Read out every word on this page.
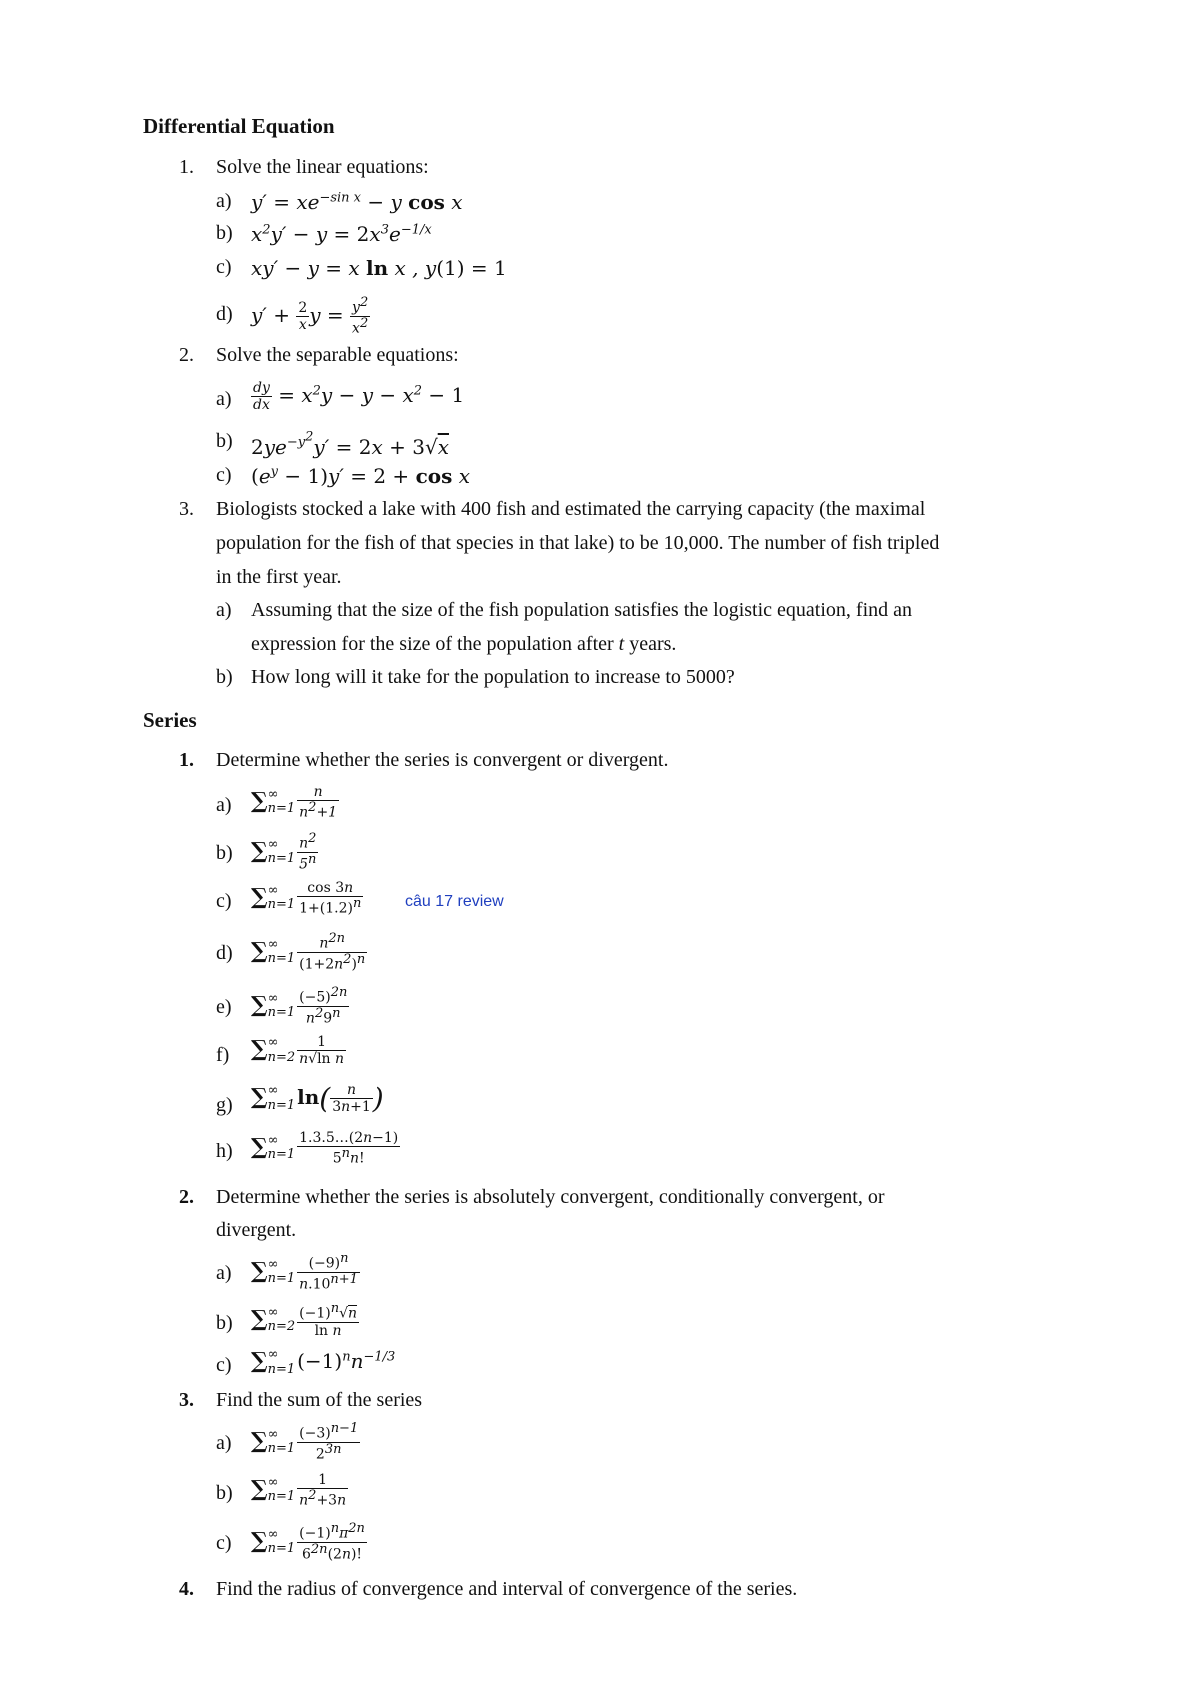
Differential Equation
1. Solve the linear equations:
a) $y' = xe^{-sin x} - y$ cos x
b) $x^2y' - y = 2x^3e^{-1/x}$
c) xy′ − y = x ln x , y(1) = 1
d) $y' + \frac{2}{x}$ $y = \frac{y^2}{x^2}$
2. Solve the separable equations:
$a) \frac{dy}{dx} = x^2y - y - x^2 - 1$
b) $2ye^{-y^2}y' = 2x + 3√x$
c) $(e^y - 1)y' = 2 + \cos x$
3. Biologists stocked a lake with 400 fish and estimated the carrying capacity (the maximal
population for the fish of that species in that lake) to be 10,000. The number of fish tripled
in the first year.
a) Assuming that the size of the fish population satisfies the logistic equation, find an
expression for the size of the population after t years.
b) How long will it take for the population to increase to 5000?
Series
1. Determine whether the series is convergent or divergent.
a) ∑ ∞
$n=1 \frac{n}{n^2+1}$
b) ∑ ∞
$n=1 \frac{n^2}{5^n}$
c) ∑ ∞
$n=1 \frac{\cos 3n}{1+(1.2)^n}$	câu 17 review
d) ∑ ∞
$n=1 \frac{n^{2n}}{(1+2n^2)^n}$
e) ∑ ∞
$n=1 \frac{(-5)^{2n}}{n^29^n}$
f) ∑ ∞
$n=2 \frac{1}{\text{n√ln n}}$
g) ∑ ∞
n=1 $\ln( \frac{n}{3n+1}$ )
h) ∑ ∞
$n=1 \frac{1.3.5\dots(2n-1)}{5^nn!}$
2. Determine whether the series is absolutely convergent, conditionally convergent, or
divergent.
a) ∑ ∞
$n=1 \frac{(-9)^n}{n.10^{n+1}}$
b) ∑ ∞
$n=2 \frac{(-1)^n√n}{\text{ln n}}$
c) ∑ ∞
n=1 $(-1)^nn^{-1/3}$
3. Find the sum of the series
a) ∑ ∞
$n=1 \frac{(-3)^{n-1}}{2^{3n}}$
b) ∑ ∞
$n=1 \frac{1}{n^2+3n}$
c) ∑ ∞
$n=1 \frac{(-1)^n\pi^{2n}}{6^{2n}(2n)!}$
4. Find the radius of convergence and interval of convergence of the series.
